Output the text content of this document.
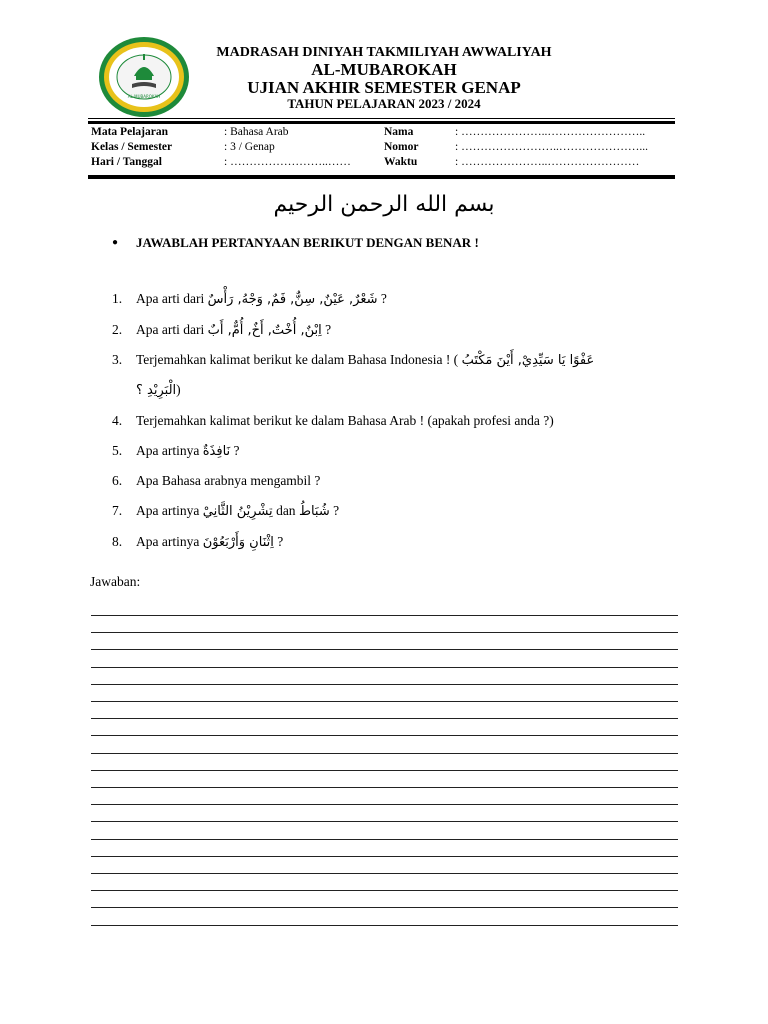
AL-MUBAROKAH
MADRASAH DINIYAH TAKMILIYAH AWWALIYAH
AL-MUBAROKAH
UJIAN AKHIR SEMESTER GENAP
TAHUN PELAJARAN 2023 / 2024
Mata Pelajaran	: Bahasa Arab
Kelas / Semester	: 3 / Genap
Hari / Tanggal	: ……………………..……
Nama	: …………………..……………………..
Nomor	: ……………………..…………………...
Waktu	: …………………..……………………
بسم الله الرحمن الرحيم
● JAWABLAH PERTANYAAN BERIKUT DENGAN BENAR !
1. Apa arti dari شَعْرٌ, عَيْنٌ, سِنٌّ, فَمٌ, وَجْهُ, رَأْسٌ ?
2. Apa arti dari اِبْنٌ, أُخْتٌ, أَخٌ, أُمٌّ, أَبٌ ?
3. Terjemahkan kalimat berikut ke dalam Bahasa Indonesia ! ( عَفْوًا يَا سَيِّدِيْ, أَيْنَ مَكْتَبُ
الْبَرِيْدِ ؟)
4. Terjemahkan kalimat berikut ke dalam Bahasa Arab ! (apakah profesi anda ?)
5. Apa artinya نَافِذَةٌ ?
6. Apa Bahasa arabnya mengambil ?
7. Apa artinya تِشْرِيْنُ الثَّانِيْ dan شُبَاطُ ?
8. Apa artinya اِثْنَانِ وَأَرْبَعُوْنَ ?
Jawaban:
